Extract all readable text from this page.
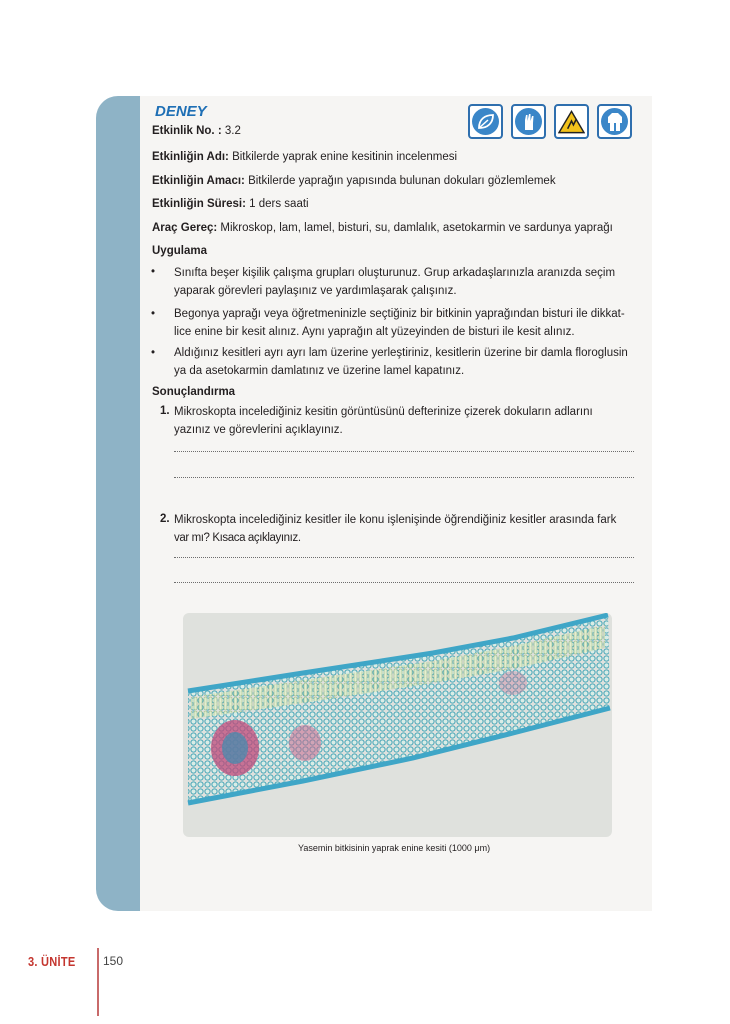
DENEY
Etkinlik No. : 3.2
Etkinliğin Adı: Bitkilerde yaprak enine kesitinin incelenmesi
Etkinliğin Amacı: Bitkilerde yaprağın yapısında bulunan dokuları gözlemlemek
Etkinliğin Süresi: 1 ders saati
Araç Gereç: Mikroskop, lam, lamel, bisturi, su, damlalık, asetokarmin ve sardunya yaprağı
Uygulama
• Sınıfta beşer kişilik çalışma grupları oluşturunuz. Grup arkadaşlarınızla aranızda seçim
yaparak görevleri paylaşınız ve yardımlaşarak çalışınız.
• Begonya yaprağı veya öğretmeninizle seçtiğiniz bir bitkinin yaprağından bisturi ile dikkat-
lice enine bir kesit alınız. Aynı yaprağın alt yüzeyinden de bisturi ile kesit alınız.
• Aldığınız kesitleri ayrı ayrı lam üzerine yerleştiriniz, kesitlerin üzerine bir damla floroglusin
ya da asetokarmin damlatınız ve üzerine lamel kapatınız.
Sonuçlandırma
1. Mikroskopta incelediğiniz kesitin görüntüsünü defterinize çizerek dokuların adlarını
yazınız ve görevlerini açıklayınız.
2. Mikroskopta incelediğiniz kesitler ile konu işlenişinde öğrendiğiniz kesitler arasında fark
var mı? Kısaca açıklayınız.
Yasemin bitkisinin yaprak enine kesiti (1000 μm)
3. ÜNİTE 150
